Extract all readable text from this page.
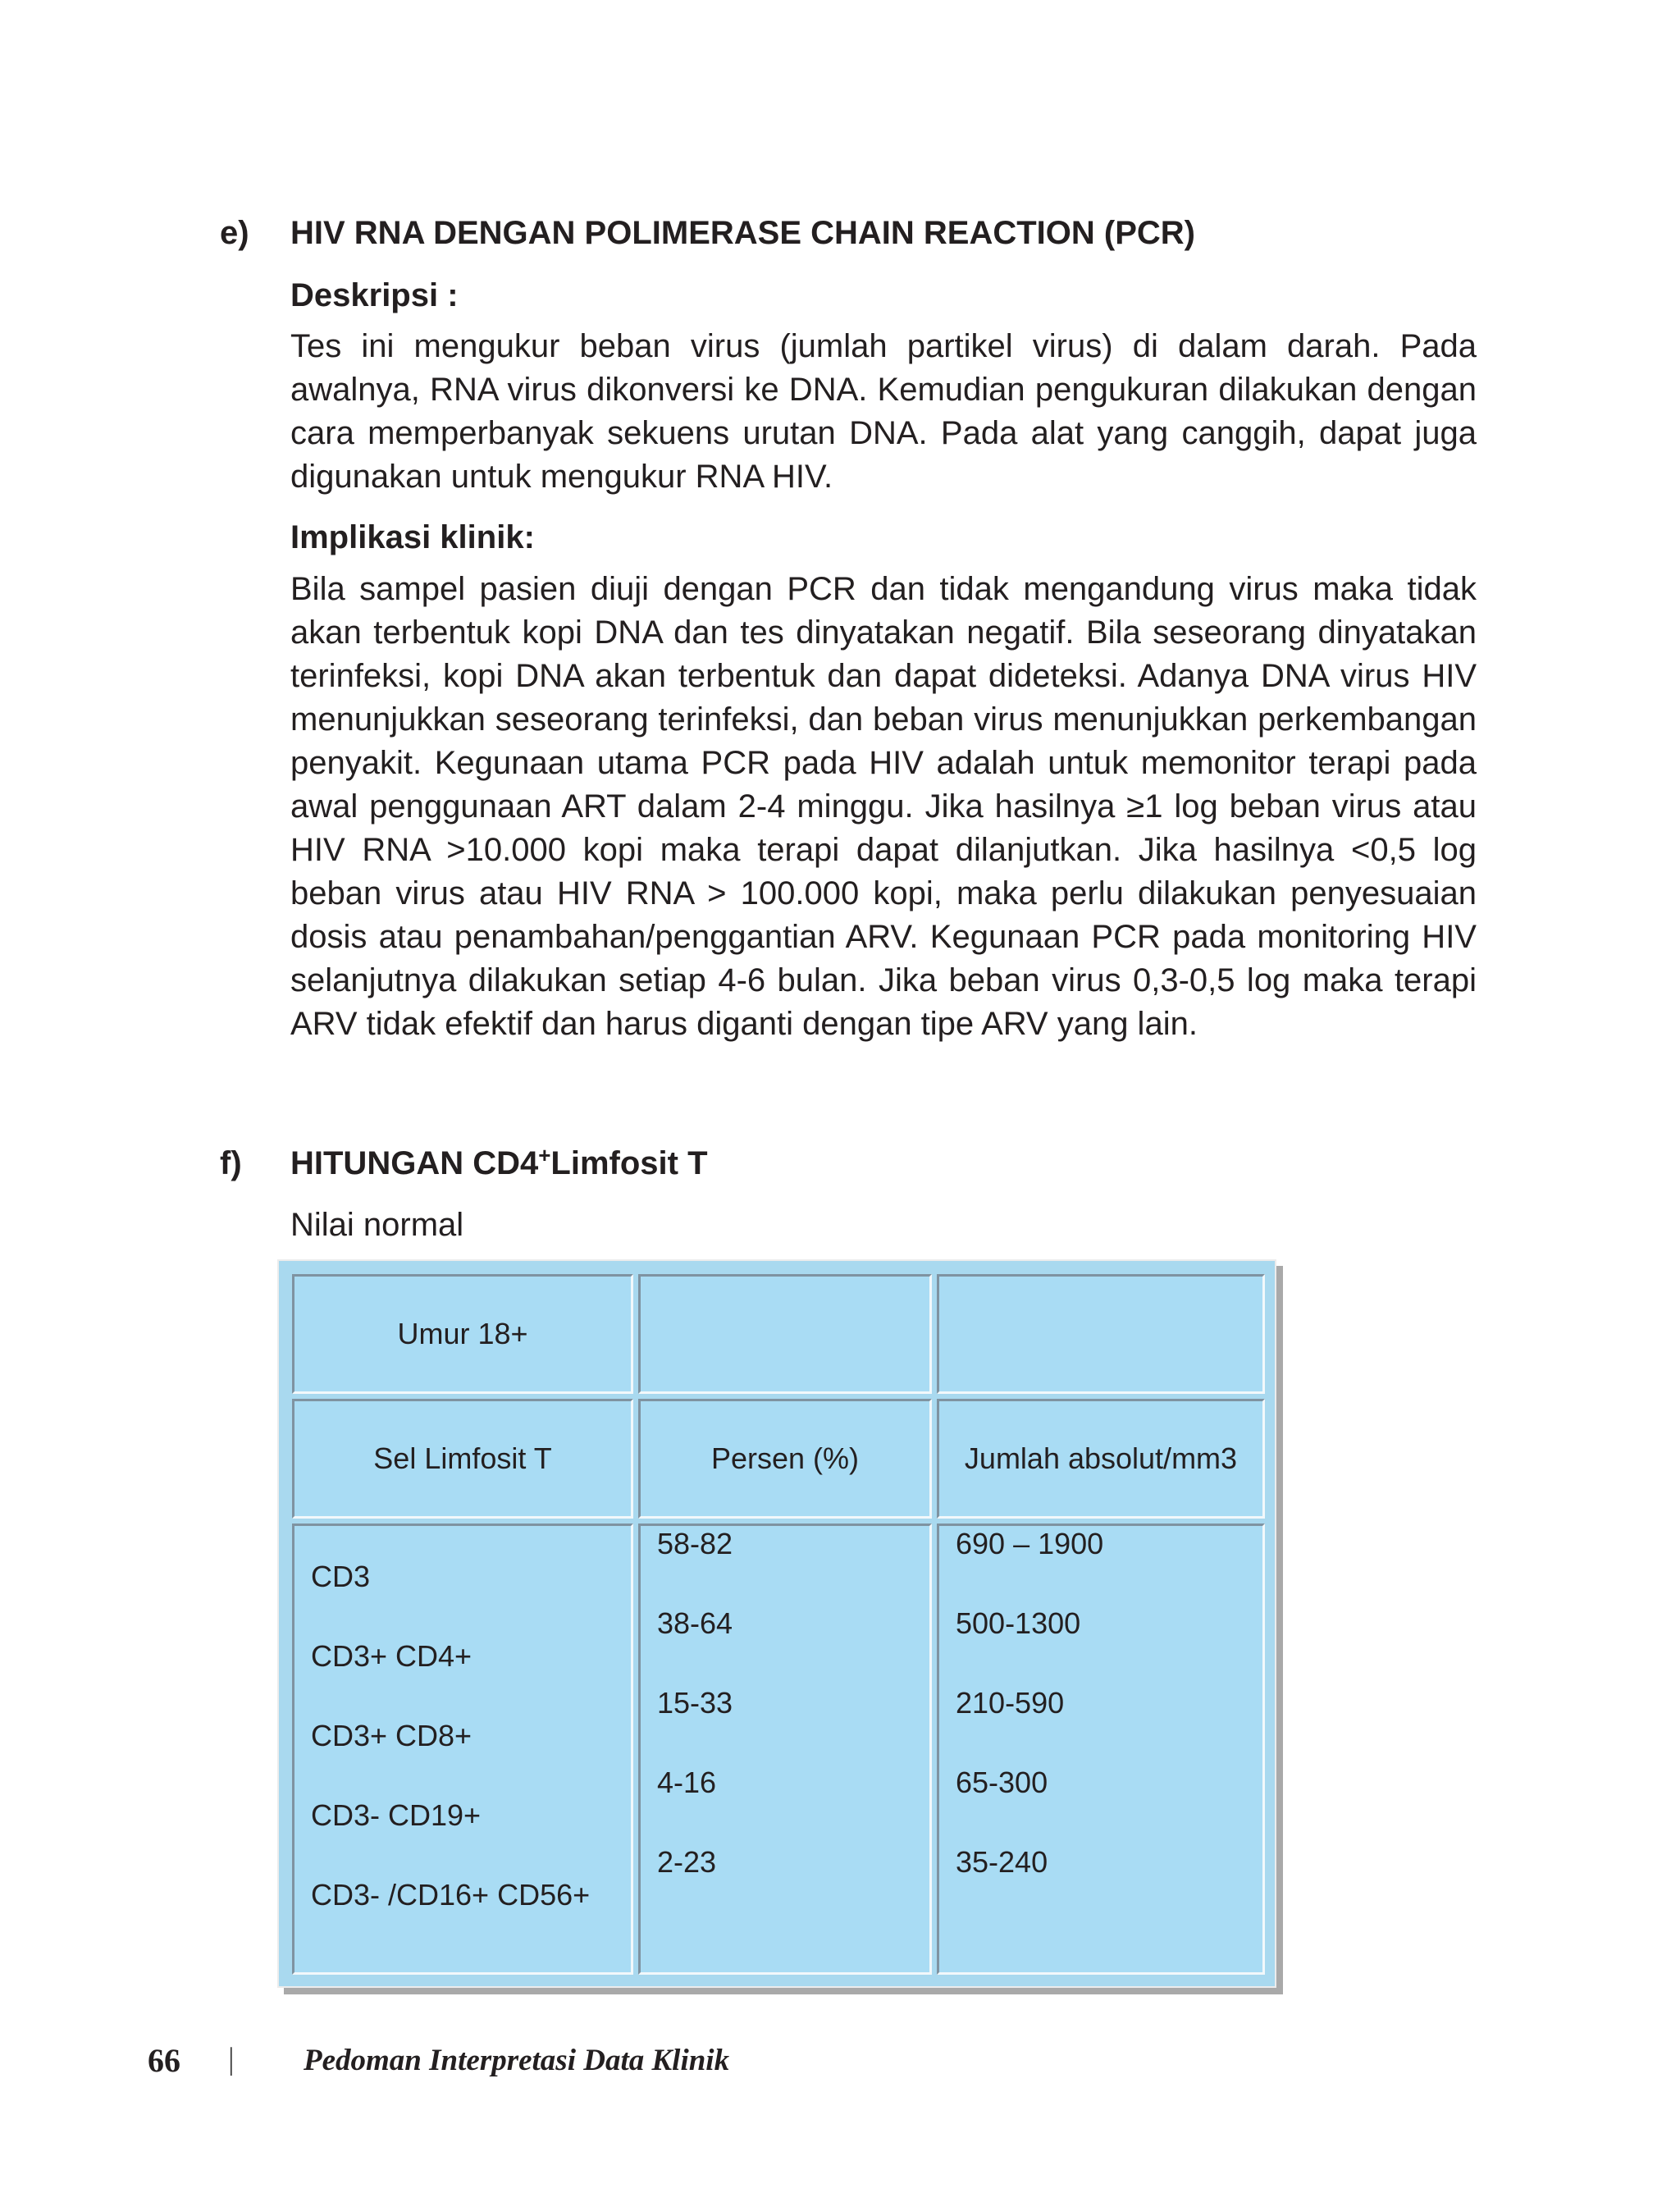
e) HIV RNA DENGAN POLIMERASE CHAIN REACTION (PCR)
Deskripsi :

Tes ini mengukur beban virus (jumlah partikel virus) di dalam darah. Pada awalnya, RNA virus dikonversi ke DNA. Kemudian pengukuran dilakukan dengan cara memperbanyak sekuens urutan DNA. Pada alat yang canggih, dapat juga digunakan untuk mengukur RNA HIV.

Implikasi klinik:

Bila sampel pasien diuji dengan PCR dan tidak mengandung virus maka tidak akan terbentuk kopi DNA dan tes dinyatakan negatif. Bila seseorang dinyatakan terinfeksi, kopi DNA akan terbentuk dan dapat dideteksi. Adanya DNA virus HIV menunjukkan seseorang terinfeksi, dan beban virus menunjukkan perkembangan penyakit. Kegunaan utama PCR pada HIV adalah untuk memonitor terapi pada awal penggunaan ART dalam 2-4 minggu. Jika hasilnya ≥1 log beban virus atau HIV RNA >10.000 kopi maka terapi dapat dilanjutkan. Jika hasilnya <0,5 log beban virus atau HIV RNA > 100.000 kopi, maka perlu dilakukan penyesuaian dosis atau penambahan/penggantian ARV. Kegunaan PCR pada monitoring HIV selanjutnya dilakukan setiap 4-6 bulan. Jika beban virus 0,3-0,5 log maka terapi ARV tidak efektif dan harus diganti dengan tipe ARV yang lain.

f) HITUNGAN CD4+Limfosit T
Nilai normal
Umur 18+
Sel Limfosit T	Persen (%)	Jumlah absolut/mm3
CD3
CD3+ CD4+
CD3+ CD8+
CD3- CD19+
CD3- /CD16+ CD56+
58-82
38-64
15-33
4-16
2-23
690 – 1900
500-1300
210-590
65-300
35-240
66 | Pedoman Interpretasi Data Klinik
